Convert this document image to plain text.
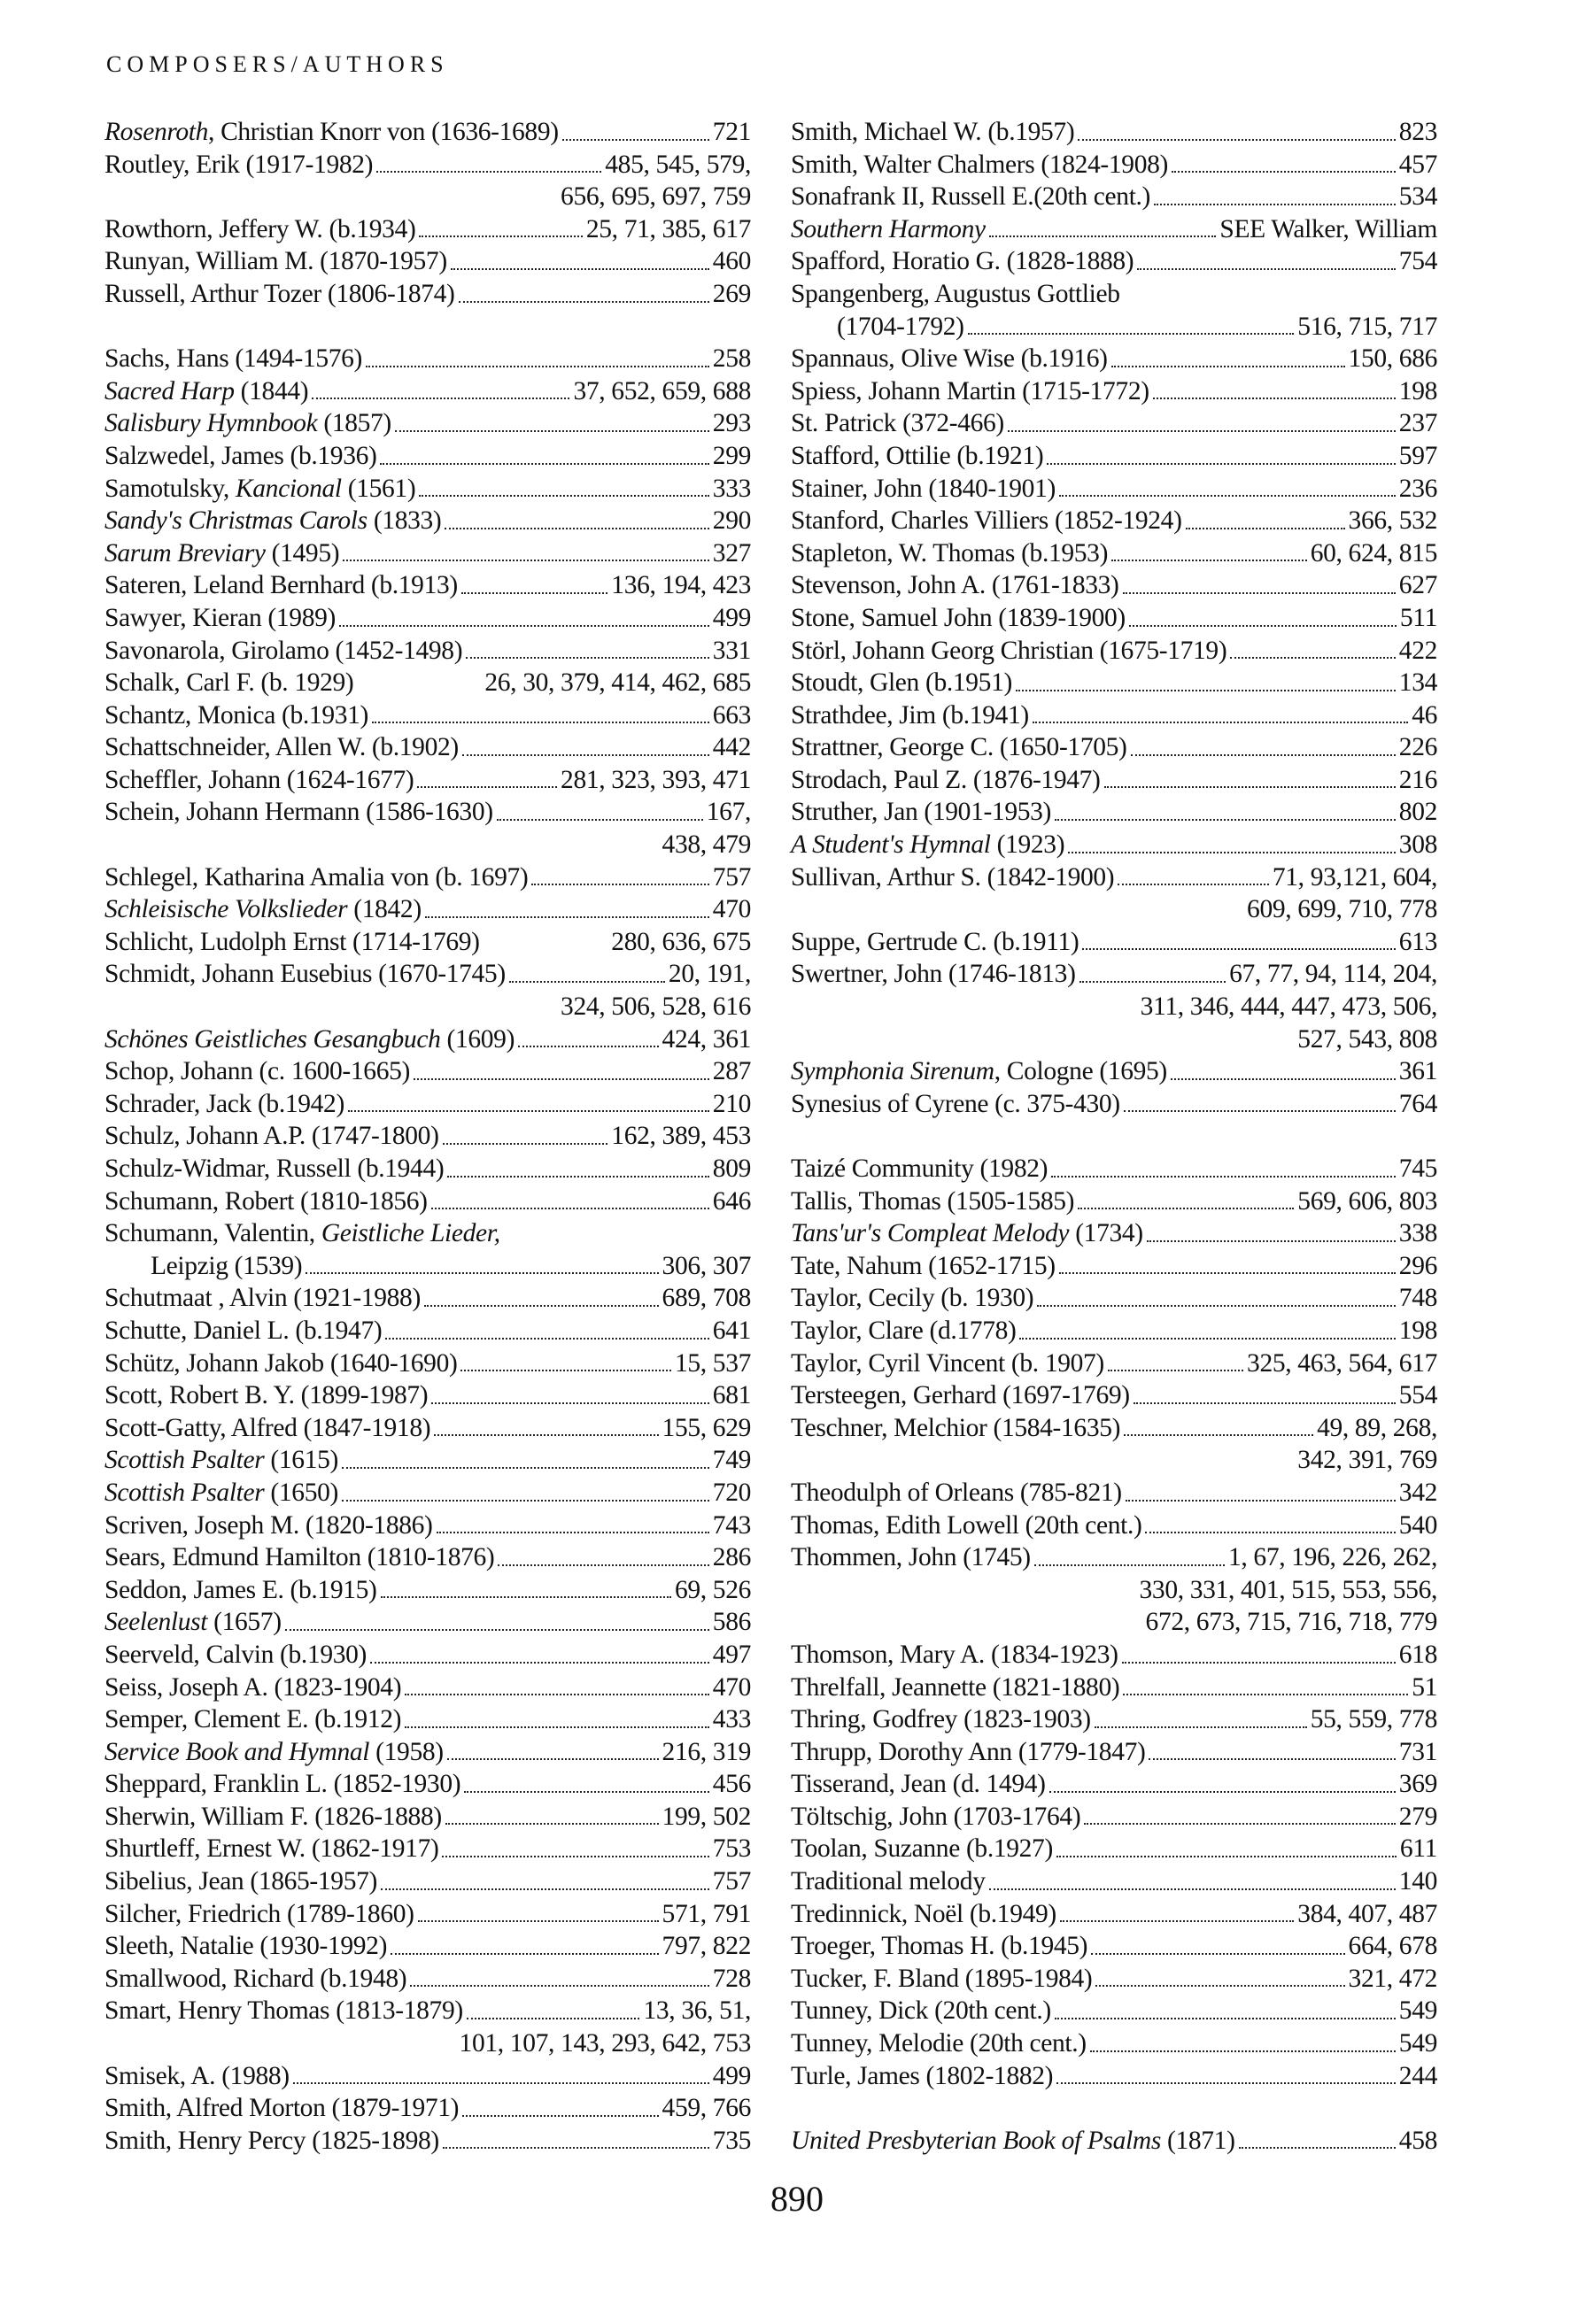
COMPOSERS/AUTHORS
Rosenroth, Christian Knorr von (1636-1689)	721
Routley, Erik (1917-1982)	485, 545, 579,
656, 695, 697, 759
Rowthorn, Jeffery W. (b.1934)	25, 71, 385, 617
Runyan, William M. (1870-1957)	460
Russell, Arthur Tozer (1806-1874)	269
Sachs, Hans (1494-1576)	258
Sacred Harp (1844)	37, 652, 659, 688
Salisbury Hymnbook (1857)	293
Salzwedel, James (b.1936)	299
Samotulsky, Kancional (1561)	333
Sandy's Christmas Carols (1833)	290
Sarum Breviary (1495)	327
Sateren, Leland Bernhard (b.1913)	136, 194, 423
Sawyer, Kieran (1989)	499
Savonarola, Girolamo (1452-1498)	331
Schalk, Carl F. (b. 1929)	26, 30, 379, 414, 462, 685
Schantz, Monica (b.1931)	663
Schattschneider, Allen W. (b.1902)	442
Scheffler, Johann (1624-1677)	281, 323, 393, 471
Schein, Johann Hermann (1586-1630)	167,
438, 479
Schlegel, Katharina Amalia von (b. 1697)	757
Schleisische Volkslieder (1842)	470
Schlicht, Ludolph Ernst (1714-1769)	280, 636, 675
Schmidt, Johann Eusebius (1670-1745)	20, 191,
324, 506, 528, 616
Schönes Geistliches Gesangbuch (1609)	424, 361
Schop, Johann (c. 1600-1665)	287
Schrader, Jack (b.1942)	210
Schulz, Johann A.P. (1747-1800)	162, 389, 453
Schulz-Widmar, Russell (b.1944)	809
Schumann, Robert (1810-1856)	646
Schumann, Valentin, Geistliche Lieder,
Leipzig (1539)	306, 307
Schutmaat , Alvin (1921-1988)	689, 708
Schutte, Daniel L. (b.1947)	641
Schütz, Johann Jakob (1640-1690)	15, 537
Scott, Robert B. Y. (1899-1987)	681
Scott-Gatty, Alfred (1847-1918)	155, 629
Scottish Psalter (1615)	749
Scottish Psalter (1650)	720
Scriven, Joseph M. (1820-1886)	743
Sears, Edmund Hamilton (1810-1876)	286
Seddon, James E. (b.1915)	69, 526
Seelenlust (1657)	586
Seerveld, Calvin (b.1930)	497
Seiss, Joseph A. (1823-1904)	470
Semper, Clement E. (b.1912)	433
Service Book and Hymnal (1958)	216, 319
Sheppard, Franklin L. (1852-1930)	456
Sherwin, William F. (1826-1888)	199, 502
Shurtleff, Ernest W. (1862-1917)	753
Sibelius, Jean (1865-1957)	757
Silcher, Friedrich (1789-1860)	571, 791
Sleeth, Natalie (1930-1992)	797, 822
Smallwood, Richard (b.1948)	728
Smart, Henry Thomas (1813-1879)	13, 36, 51,
101, 107, 143, 293, 642, 753
Smisek, A. (1988)	499
Smith, Alfred Morton (1879-1971)	459, 766
Smith, Henry Percy (1825-1898)	735
Smith, Michael W. (b.1957)	823
Smith, Walter Chalmers (1824-1908)	457
Sonafrank II, Russell E.(20th cent.)	534
Southern Harmony	SEE Walker, William
Spafford, Horatio G. (1828-1888)	754
Spangenberg, Augustus Gottlieb
(1704-1792)	516, 715, 717
Spannaus, Olive Wise (b.1916)	150, 686
Spiess, Johann Martin (1715-1772)	198
St. Patrick (372-466)	237
Stafford, Ottilie (b.1921)	597
Stainer, John (1840-1901)	236
Stanford, Charles Villiers (1852-1924)	366, 532
Stapleton, W. Thomas (b.1953)	60, 624, 815
Stevenson, John A. (1761-1833)	627
Stone, Samuel John (1839-1900)	511
Störl, Johann Georg Christian (1675-1719)	422
Stoudt, Glen (b.1951)	134
Strathdee, Jim (b.1941)	46
Strattner, George C. (1650-1705)	226
Strodach, Paul Z. (1876-1947)	216
Struther, Jan (1901-1953)	802
A Student's Hymnal (1923)	308
Sullivan, Arthur S. (1842-1900)	71, 93,121, 604,
609, 699, 710, 778
Suppe, Gertrude C. (b.1911)	613
Swertner, John (1746-1813)	67, 77, 94, 114, 204,
311, 346, 444, 447, 473, 506,
527, 543, 808
Symphonia Sirenum, Cologne (1695)	361
Synesius of Cyrene (c. 375-430)	764
Taizé Community (1982)	745
Tallis, Thomas (1505-1585)	569, 606, 803
Tans'ur's Compleat Melody (1734)	338
Tate, Nahum (1652-1715)	296
Taylor, Cecily (b. 1930)	748
Taylor, Clare (d.1778)	198
Taylor, Cyril Vincent (b. 1907)	325, 463, 564, 617
Tersteegen, Gerhard (1697-1769)	554
Teschner, Melchior (1584-1635)	49, 89, 268,
342, 391, 769
Theodulph of Orleans (785-821)	342
Thomas, Edith Lowell (20th cent.)	540
Thommen, John (1745)	1, 67, 196, 226, 262,
330, 331, 401, 515, 553, 556,
672, 673, 715, 716, 718, 779
Thomson, Mary A. (1834-1923)	618
Threlfall, Jeannette (1821-1880)	51
Thring, Godfrey (1823-1903)	55, 559, 778
Thrupp, Dorothy Ann (1779-1847)	731
Tisserand, Jean (d. 1494)	369
Töltschig, John (1703-1764)	279
Toolan, Suzanne (b.1927)	611
Traditional melody	140
Tredinnick, Noël (b.1949)	384, 407, 487
Troeger, Thomas H. (b.1945)	664, 678
Tucker, F. Bland (1895-1984)	321, 472
Tunney, Dick (20th cent.)	549
Tunney, Melodie (20th cent.)	549
Turle, James (1802-1882)	244
United Presbyterian Book of Psalms (1871)	458
890
